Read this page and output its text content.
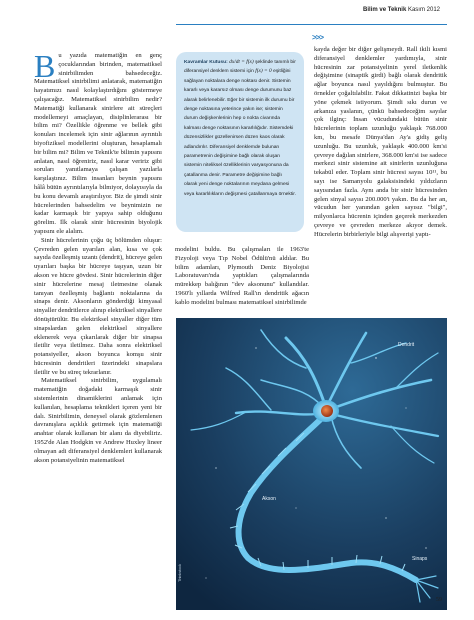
Bilim ve Teknik Kasım 2012
>>>

Bu yazıda matematiğin en genç çocuklarından birinden, matematiksel sinirbilimden bahsedeceğiz. Matematiksel sinirbilimi anlatarak, matematiğin hayatımızı nasıl kolaylaştırdığını göstermeye çalışacağız. Matematiksel sinirbilim nedir? Matematiği kullanarak sinirlere ait süreçleri modellemeyi amaçlayan, disiplinlerarası bir bilim mi? Özellikle öğrenme ve bellek gibi konuları incelemek için sinir ağlarının ayrıntılı biyofiziksel modellerini oluşturan, hesaplamalı bir bilim mi? Bilim ve Teknik'te bilimin yapısını anlatan, nasıl öğreniriz, nasıl karar veririz gibi soruları yanıtlamaya çalışan yazılarla karşılaştınız. Bilim insanları beynin yapısını hâlâ bütün ayrıntılarıyla bilmiyor, dolayısıyla da bu konu devamlı araştırılıyor. Biz de şimdi sinir hücrelerinden bahsedelim ve beynimizin ne kadar karmaşık bir yapıya sahip olduğunu görelim. İlk olarak sinir hücresinin biyolojik yapısını ele alalım.

Sinir hücrelerinin çoğu üç bölümden oluşur: Çevreden gelen uyarıları alan, kısa ve çok sayıda özelleşmiş uzantı (dendrit), hücreye gelen uyarıları başka bir hücreye taşıyan, uzun bir akson ve hücre gövdesi. Sinir hücrelerinin diğer sinir hücrelerine mesaj iletmesine olanak tanıyan özelleşmiş bağlantı noktalarına da sinaps denir. Aksonların gönderdiği kimyasal sinyaller dendritlerce alınıp elektriksel sinyallere dönüştürülür. Bu elektriksel sinyaller diğer tüm sinapslardan gelen elektriksel sinyallere eklenerek veya çıkarılarak diğer bir sinapsa iletilir veya iletilmez. Daha sonra elektriksel potansiyeller, akson boyunca komşu sinir hücresinin dendritleri üzerindeki sinapslara iletilir ve bu süreç tekrarlanır.

Matematiksel sinirbilim, uygulamalı matematiğin doğadaki karmaşık sinir sistemlerinin dinamiklerini anlamak için kullanılan, hesaplama teknikleri içeren yeni bir dalı. Sinirbilimin, deneysel olarak gözlemlenen davranışlara açıklık getirmek için matematiği anahtar olarak kullanan bir alanı da diyebiliriz. 1952'de Alan Hodgkin ve Andrew Huxley lineer olmayan adi diferansiyel denklemleri kullanarak akson potansiyelinin matematiksel

Kavramlar Kutusu: dx/dt = f(x) şeklinde tanımlı bir diferansiyel denklem sistemi için f(x) = 0 eşitliğini sağlayan noktalara denge noktası denir. Sistemin kararlı veya kararsız olması denge durumunu baz alarak belirlenebilir. Eğer bir sistemin ilk durumu bir denge noktasına yeterince yakın ise; sistemin durum değişkenlerinin hep o nokta civarında kalması denge noktasının kararlılığıdır. Sistemdeki düzensizlikler güzellenirsen düzen kaos olarak adlandırılır. Diferansiyel denklemde bulunan parametrenin değişimine bağlı olarak oluşan sistemin niteliksel özelliklerinin varyasyonuna da çatallanma denir. Parametre değişimine bağlı olarak yeni denge noktalarının meydana gelmesi veya kararlılıkların değişmesi çatallanmaya örnektir.

modelini buldu. Bu çalışmaları ile 1963'te Fizyoloji veya Tıp Nobel Ödülü'nü aldılar. Bu bilim adamları, Plymouth Deniz Biyolojisi Laboratuvarı'nda yaptıkları çalışmalarında mürekkep balığının "dev aksonunu" kullandılar. 1960'lı yıllarda Wilfred Rall'ın dendritik ağacın kablo modelini bulması matematiksel sinirbilimde

kayda değer bir diğer gelişmeydi. Rall ikili kısmi diferansiyel denklemler yardımıyla, sinir hücresinin zar potansiyelinin yerel iletkenlik değişimine (sinaptik girdi) bağlı olarak dendritik ağlar boyunca nasıl yayıldığını bulmuştur. Bu örnekler çoğaltılabilir. Fakat dikkatinizi başka bir yöne çekmek istiyorum. Şimdi sıkı durun ve arkanıza yaslanın, çünkü bahsedeceğim sayılar çok ilginç: İnsan vücudundaki bütün sinir hücrelerinin toplam uzunluğu yaklaşık 768.000 km, bu mesafe Dünya'dan Ay'a gidiş geliş uzunluğu. Bu uzunluk, yaklaşık 400.000 km'si çevreye dağılan sinirlere, 368.000 km'si ise sadece merkezi sinir sistemine ait sinirlerin uzunluğuna tekabül eder. Toplam sinir hücresi sayısı 10¹¹, bu sayı ise Samanyolu galaksisindeki yıldızların sayısından fazla. Aynı anda bir sinir hücresinden gelen sinyal sayısı 200.000'i yakın. Bu da her an, vücudun her yanından gelen sayısız "bilgi", milyonlarca hücrenin içinden geçerek merkezden çevreye ve çevreden merkeze akıyor demek. Hücrelerin birbirleriyle bilgi alışverişi yaptı-

Dendrit
Akson
Sinaps
Thinkstock
59
